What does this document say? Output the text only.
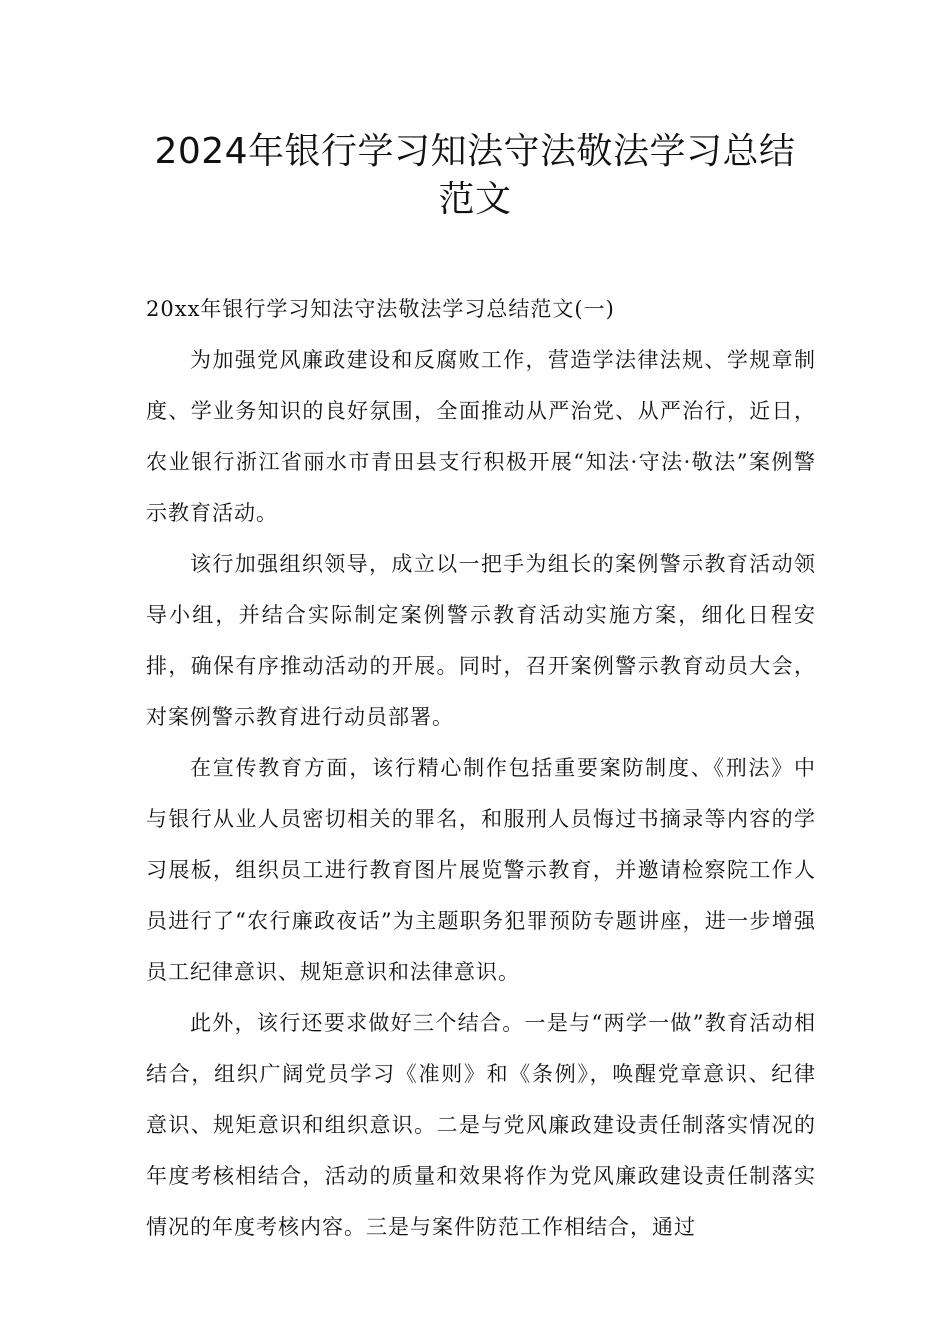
2024年银行学习知法守法敬法学习总结
范文

20xx年银行学习知法守法敬法学习总结范文(一)

为加强党风廉政建设和反腐败工作，营造学法律法规、学规章制度、学业务知识的良好氛围，全面推动从严治党、从严治行，近日，农业银行浙江省丽水市青田县支行积极开展“知法·守法·敬法”案例警示教育活动。

该行加强组织领导，成立以一把手为组长的案例警示教育活动领导小组，并结合实际制定案例警示教育活动实施方案，细化日程安排，确保有序推动活动的开展。同时，召开案例警示教育动员大会，对案例警示教育进行动员部署。

在宣传教育方面，该行精心制作包括重要案防制度、《刑法》中与银行从业人员密切相关的罪名，和服刑人员悔过书摘录等内容的学习展板，组织员工进行教育图片展览警示教育，并邀请检察院工作人员进行了“农行廉政夜话”为主题职务犯罪预防专题讲座，进一步增强员工纪律意识、规矩意识和法律意识。

此外，该行还要求做好三个结合。一是与“两学一做”教育活动相结合，组织广阔党员学习《准则》和《条例》，唤醒党章意识、纪律意识、规矩意识和组织意识。二是与党风廉政建设责任制落实情况的年度考核相结合，活动的质量和效果将作为党风廉政建设责任制落实情况的年度考核内容。三是与案件防范工作相结合，通过
